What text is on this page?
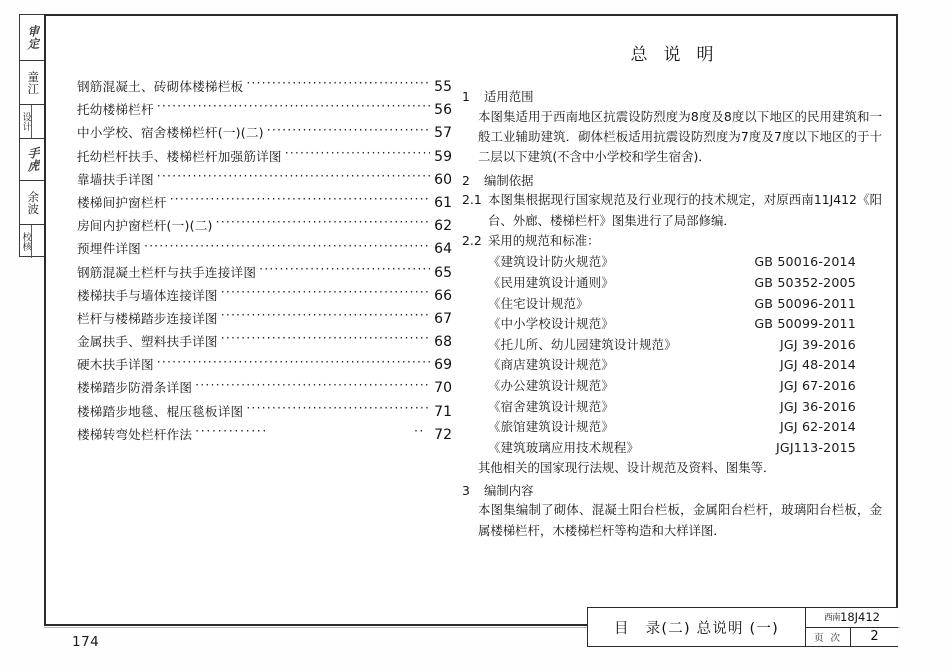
审定
童江
设计
手虎
余波
校核
钢筋混凝土、砖砌体楼梯栏板 ·····	55
托幼楼梯栏杆 ·····	56
中小学校、宿舍楼梯栏杆(一)(二) ·····	57
托幼栏杆扶手、楼梯栏杆加强筋详图 ·····	59
靠墙扶手详图 ·····	60
楼梯间护窗栏杆 ·····	61
房间内护窗栏杆(一)(二) ·····	62
预埋件详图 ·····	64
钢筋混凝土栏杆与扶手连接详图 ·····	65
楼梯扶手与墙体连接详图 ·····	66
栏杆与楼梯踏步连接详图 ·····	67
金属扶手、塑料扶手详图 ·····	68
硬木扶手详图 ·····	69
楼梯踏步防滑条详图 ·····	70
楼梯踏步地毯、棍压毯板详图 ·····	71
楼梯转弯处栏杆作法 ····· ··	72
总说明
1	适用范围
本图集适用于西南地区抗震设防烈度为8度及8度以下地区的民用建筑和一般工业辅助建筑．砌体栏板适用抗震设防烈度为7度及7度以下地区的于十二层以下建筑(不含中小学校和学生宿舍)．
2	编制依据
2.1 本图集根据现行国家规范及行业现行的技术规定，对原西南11J412《阳台、外廊、楼梯栏杆》图集进行了局部修编．
2.2 采用的规范和标准：
《建筑设计防火规范》	GB 50016-2014
《民用建筑设计通则》	GB 50352-2005
《住宅设计规范》	GB 50096-2011
《中小学校设计规范》	GB 50099-2011
《托儿所、幼儿园建筑设计规范》	JGJ 39-2016
《商店建筑设计规范》	JGJ 48-2014
《办公建筑设计规范》	JGJ 67-2016
《宿舍建筑设计规范》	JGJ 36-2016
《旅馆建筑设计规范》	JGJ 62-2014
《建筑玻璃应用技术规程》	JGJ113-2015
其他相关的国家现行法规、设计规范及资料、图集等．
3	编制内容
本图集编制了砌体、混凝土阳台栏板，金属阳台栏杆，玻璃阳台栏板，金属楼梯栏杆，木楼梯栏杆等构造和大样详图．
目 录(二) 总说明 (一)
西南 18J412
页 次	2
174
